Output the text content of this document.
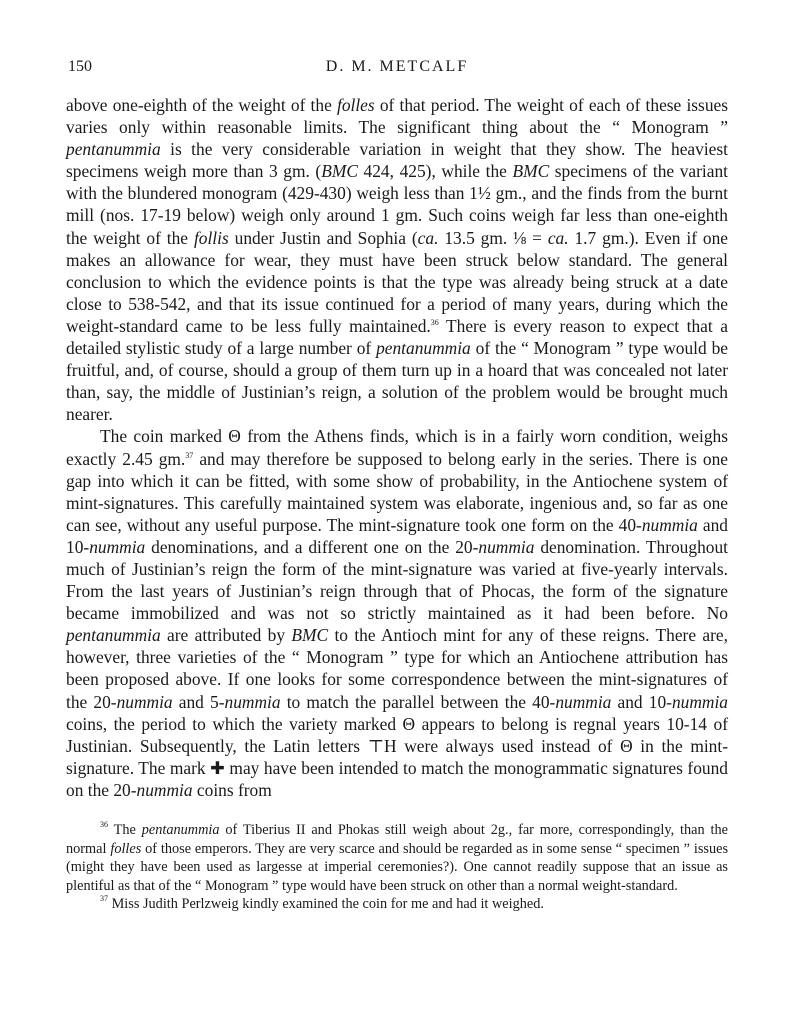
150	D. M. METCALF

above one-eighth of the weight of the folles of that period. The weight of each of these issues varies only within reasonable limits. The significant thing about the “ Monogram ” pentanummia is the very considerable variation in weight that they show. The heaviest specimens weigh more than 3 gm. (BMC 424, 425), while the BMC specimens of the variant with the blundered monogram (429-430) weigh less than 1½ gm., and the finds from the burnt mill (nos. 17-19 below) weigh only around 1 gm. Such coins weigh far less than one-eighth the weight of the follis under Justin and Sophia (ca. 13.5 gm. ⅛ = ca. 1.7 gm.). Even if one makes an allowance for wear, they must have been struck below standard. The general conclusion to which the evidence points is that the type was already being struck at a date close to 538-542, and that its issue continued for a period of many years, during which the weight-standard came to be less fully maintained.$^{36}$ There is every reason to expect that a detailed stylistic study of a large number of pentanummia of the “ Monogram ” type would be fruitful, and, of course, should a group of them turn up in a hoard that was concealed not later than, say, the middle of Justinian’s reign, a solution of the problem would be brought much nearer.

The coin marked Θ from the Athens finds, which is in a fairly worn condition, weighs exactly 2.45 gm.$^{37}$ and may therefore be supposed to belong early in the series. There is one gap into which it can be fitted, with some show of probability, in the Antiochene system of mint-signatures. This carefully maintained system was elaborate, ingenious and, so far as one can see, without any useful purpose. The mint-signature took one form on the 40-nummia and 10-nummia denominations, and a different one on the 20-nummia denomination. Throughout much of Justinian’s reign the form of the mint-signature was varied at five-yearly intervals. From the last years of Justinian’s reign through that of Phocas, the form of the signature became immobilized and was not so strictly maintained as it had been before. No pentanummia are attributed by BMC to the Antioch mint for any of these reigns. There are, however, three varieties of the “ Monogram ” type for which an Antiochene attribution has been proposed above. If one looks for some correspondence between the mint-signatures of the 20-nummia and 5-nummia to match the parallel between the 40-nummia and 10-nummia coins, the period to which the variety marked Θ appears to belong is regnal years 10-14 of Justinian. Subsequently, the Latin letters ⊤H were always used instead of Θ in the mint-signature. The mark ✚ may have been intended to match the monogrammatic signatures found on the 20-nummia coins from

$^{36}$ The pentanummia of Tiberius II and Phokas still weigh about 2g., far more, correspondingly, than the normal folles of those emperors. They are very scarce and should be regarded as in some sense “ specimen ” issues (might they have been used as largesse at imperial ceremonies?). One cannot readily suppose that an issue as plentiful as that of the “ Monogram ” type would have been struck on other than a normal weight-standard.

$^{37}$ Miss Judith Perlzweig kindly examined the coin for me and had it weighed.
